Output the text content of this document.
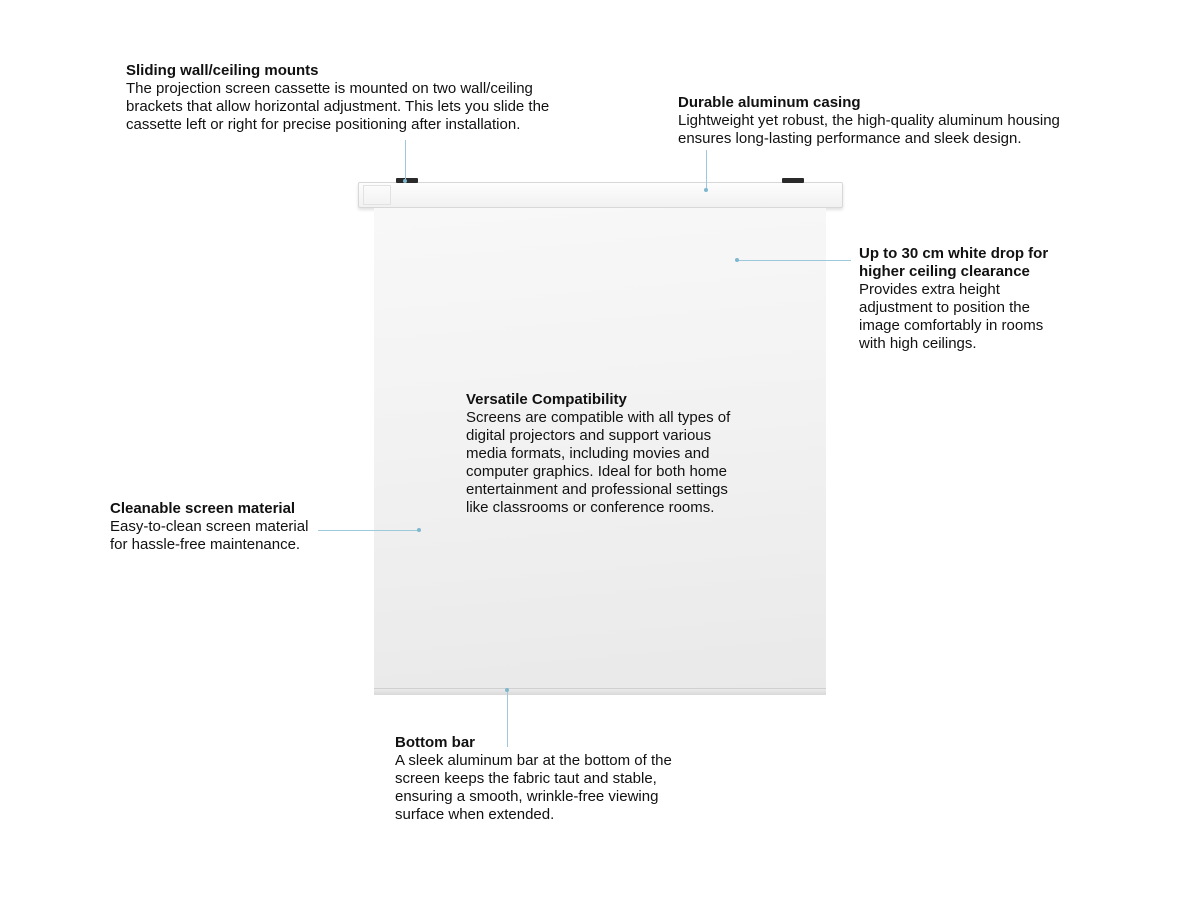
Sliding wall/ceiling mounts
The projection screen cassette is mounted on two wall/ceiling
brackets that allow horizontal adjustment. This lets you slide the
cassette left or right for precise positioning after installation.
Durable aluminum casing
Lightweight yet robust, the high-quality aluminum housing
ensures long-lasting performance and sleek design.
Up to 30 cm white drop for
higher ceiling clearance
Provides extra height
adjustment to position the
image comfortably in rooms
with high ceilings.
Versatile Compatibility
Screens are compatible with all types of
digital projectors and support various
media formats, including movies and
computer graphics. Ideal for both home
entertainment and professional settings
like classrooms or conference rooms.
Cleanable screen material
Easy-to-clean screen material
for hassle-free maintenance.
Bottom bar
A sleek aluminum bar at the bottom of the
screen keeps the fabric taut and stable,
ensuring a smooth, wrinkle-free viewing
surface when extended.
